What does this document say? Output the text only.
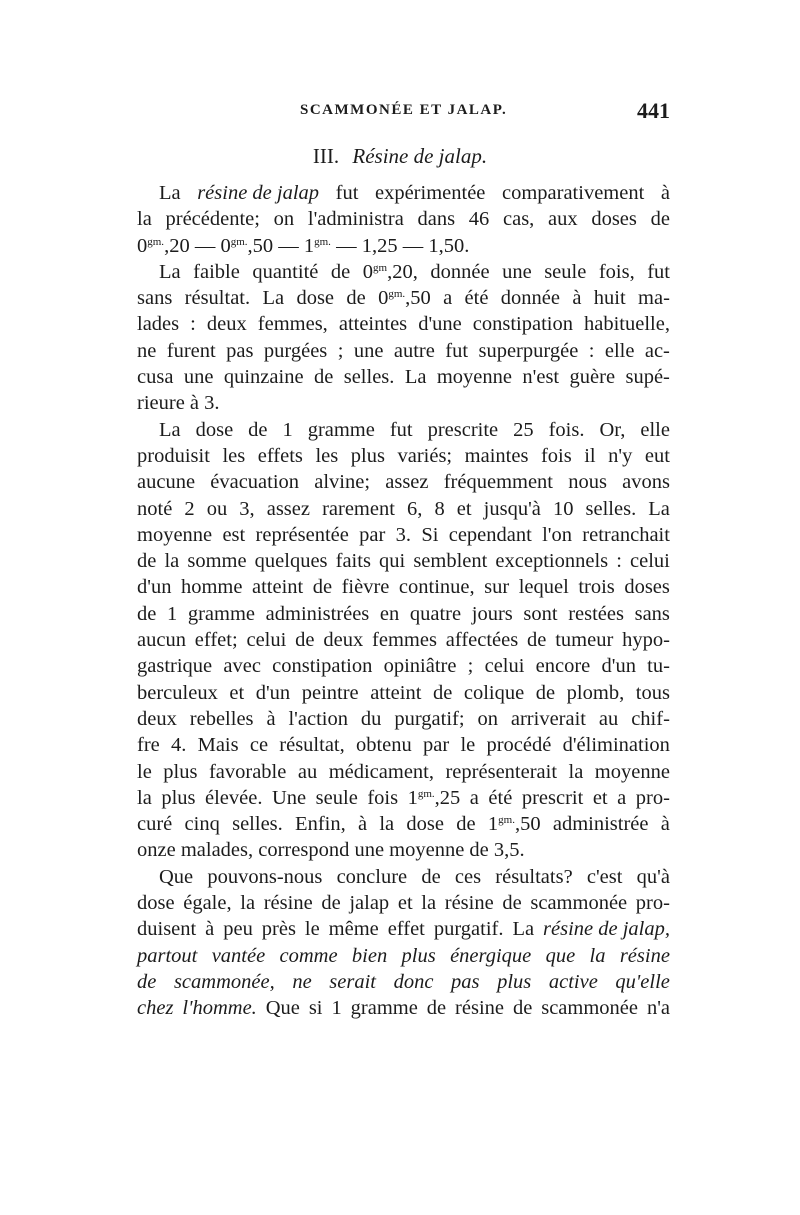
SCAMMONÉE ET JALAP.	441
III. Résine de jalap.
La résine de jalap fut expérimentée comparativement à
la précédente; on l'administra dans 46 cas, aux doses de
$0^{gm.},20$ — $0^{gm.},50$ — $1^{gm.}$ — 1,25 — 1,50.
La faible quantité de $0^{gm},20$, donnée une seule fois, fut
sans résultat. La dose de $0^{gm.},50$ a été donnée à huit ma-
lades : deux femmes, atteintes d'une constipation habituelle,
ne furent pas purgées ; une autre fut superpurgée : elle ac-
cusa une quinzaine de selles. La moyenne n'est guère supé-
rieure à 3.
La dose de 1 gramme fut prescrite 25 fois. Or, elle
produisit les effets les plus variés; maintes fois il n'y eut
aucune évacuation alvine; assez fréquemment nous avons
noté 2 ou 3, assez rarement 6, 8 et jusqu'à 10 selles. La
moyenne est représentée par 3. Si cependant l'on retranchait
de la somme quelques faits qui semblent exceptionnels : celui
d'un homme atteint de fièvre continue, sur lequel trois doses
de 1 gramme administrées en quatre jours sont restées sans
aucun effet; celui de deux femmes affectées de tumeur hypo-
gastrique avec constipation opiniâtre ; celui encore d'un tu-
berculeux et d'un peintre atteint de colique de plomb, tous
deux rebelles à l'action du purgatif; on arriverait au chif-
fre 4. Mais ce résultat, obtenu par le procédé d'élimination
le plus favorable au médicament, représenterait la moyenne
la plus élevée. Une seule fois $1^{gm.},25$ a été prescrit et a pro-
curé cinq selles. Enfin, à la dose de $1^{gm.},50$ administrée à
onze malades, correspond une moyenne de 3,5.
Que pouvons-nous conclure de ces résultats? c'est qu'à
dose égale, la résine de jalap et la résine de scammonée pro-
duisent à peu près le même effet purgatif. La résine de jalap,
partout vantée comme bien plus énergique que la résine
de scammonée, ne serait donc pas plus active qu'elle
chez l'homme. Que si 1 gramme de résine de scammonée n'a
